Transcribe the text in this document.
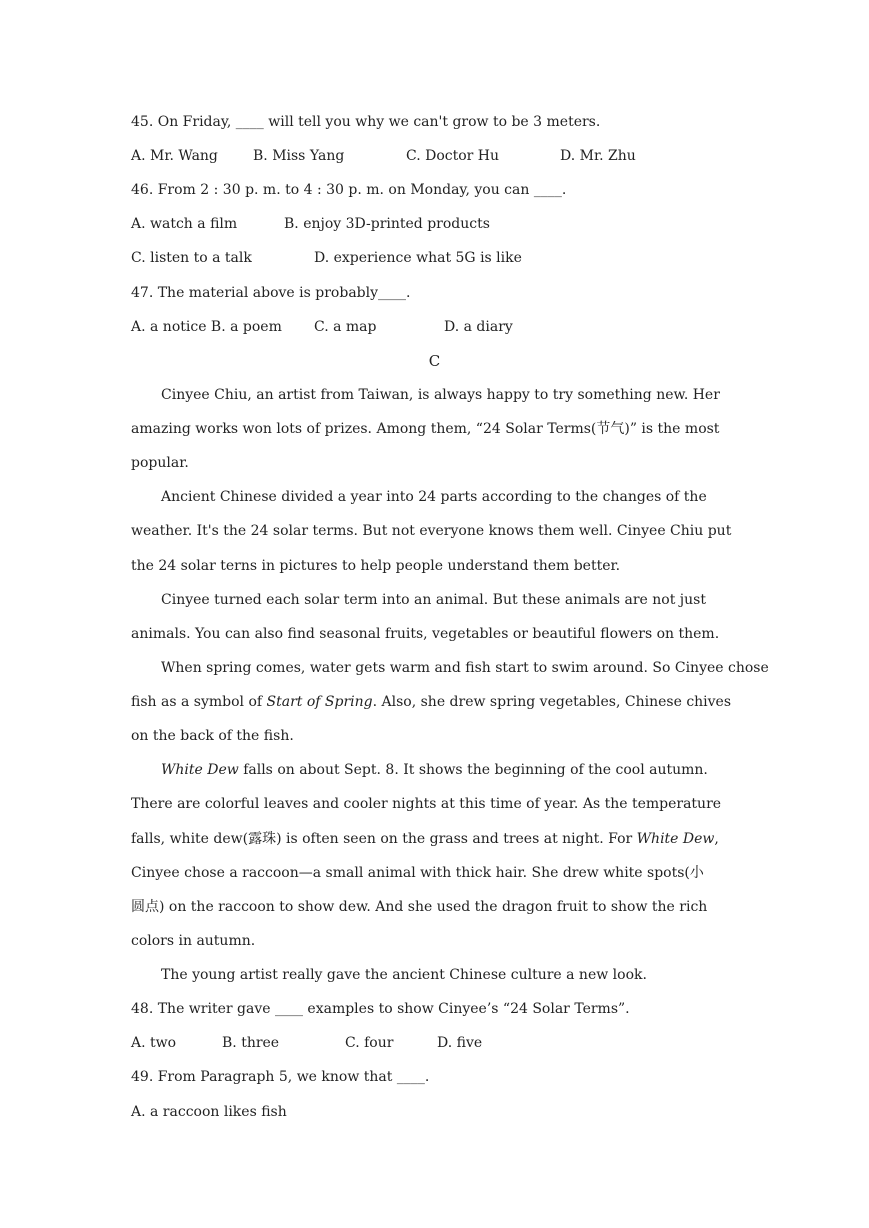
45. On Friday, ____ will tell you why we can't grow to be 3 meters.
A. Mr. Wang	B. Miss Yang	C. Doctor Hu	D. Mr. Zhu
46. From 2 : 30 p. m. to 4 : 30 p. m. on Monday, you can ____.
A. watch a film	B. enjoy 3D-printed products
C. listen to a talk	D. experience what 5G is like
47. The material above is probably____.
A. a notice B. a poem C. a map	D. a diary
C
Cinyee Chiu, an artist from Taiwan, is always happy to try something new. Her
amazing works won lots of prizes. Among them, “24 Solar Terms(节气)” is the most
popular.
Ancient Chinese divided a year into 24 parts according to the changes of the
weather. It's the 24 solar terms. But not everyone knows them well. Cinyee Chiu put
the 24 solar terns in pictures to help people understand them better.
Cinyee turned each solar term into an animal. But these animals are not just
animals. You can also find seasonal fruits, vegetables or beautiful flowers on them.
When spring comes, water gets warm and fish start to swim around. So Cinyee chose
fish as a symbol of Start of Spring. Also, she drew spring vegetables, Chinese chives
on the back of the fish.
White Dew falls on about Sept. 8. It shows the beginning of the cool autumn.
There are colorful leaves and cooler nights at this time of year. As the temperature
falls, white dew(露珠) is often seen on the grass and trees at night. For White Dew,
Cinyee chose a raccoon—a small animal with thick hair. She drew white spots(小
圆点) on the raccoon to show dew. And she used the dragon fruit to show the rich
colors in autumn.
The young artist really gave the ancient Chinese culture a new look.
48. The writer gave ____ examples to show Cinyee’s “24 Solar Terms”.
A. two	B. three	C. four	D. five
49. From Paragraph 5, we know that ____.
A. a raccoon likes fish
